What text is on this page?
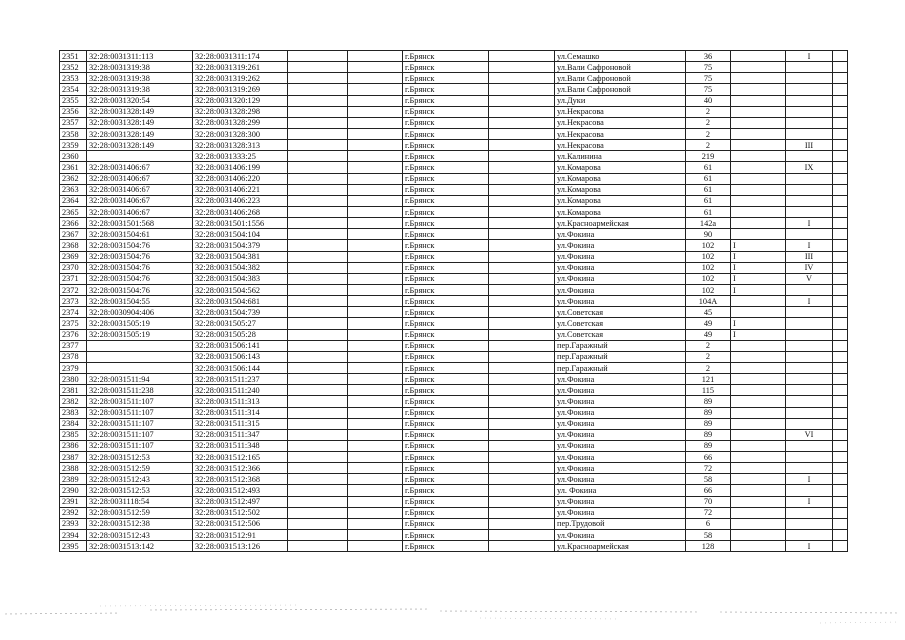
2351	32:28:0031311:113	32:28:0031311:174			г.Брянск		ул.Семашко	36		I	
2352	32:28:0031319:38	32:28:0031319:261			г.Брянск		ул.Вали Сафроновой	75			
2353	32:28:0031319:38	32:28:0031319:262			г.Брянск		ул.Вали Сафроновой	75			
2354	32:28:0031319:38	32:28:0031319:269			г.Брянск		ул.Вали Сафроновой	75			
2355	32:28:0031320:54	32:28:0031320:129			г.Брянск		ул.Дуки	40			
2356	32:28:0031328:149	32:28:0031328:298			г.Брянск		ул.Некрасова	2			
2357	32:28:0031328:149	32:28:0031328:299			г.Брянск		ул.Некрасова	2			
2358	32:28:0031328:149	32:28:0031328:300			г.Брянск		ул.Некрасова	2			
2359	32:28:0031328:149	32:28:0031328:313			г.Брянск		ул.Некрасова	2		III	
2360		32:28:0031333:25			г.Брянск		ул.Калинина	219			
2361	32:28:0031406:67	32:28:0031406:199			г.Брянск		ул.Комарова	61		IX	
2362	32:28:0031406:67	32:28:0031406:220			г.Брянск		ул.Комарова	61			
2363	32:28:0031406:67	32:28:0031406:221			г.Брянск		ул.Комарова	61			
2364	32:28:0031406:67	32:28:0031406:223			г.Брянск		ул.Комарова	61			
2365	32:28:0031406:67	32:28:0031406:268			г.Брянск		ул.Комарова	61			
2366	32:28:0031501:568	32:28:0031501:1556			г.Брянск		ул.Красноармейская	142а		I	
2367	32:28:0031504:61	32:28:0031504:104			г.Брянск		ул.Фокина	90			
2368	32:28:0031504:76	32:28:0031504:379			г.Брянск		ул.Фокина	102	I	I	
2369	32:28:0031504:76	32:28:0031504:381			г.Брянск		ул.Фокина	102	I	III	
2370	32:28:0031504:76	32:28:0031504:382			г.Брянск		ул.Фокина	102	I	IV	
2371	32:28:0031504:76	32:28:0031504:383			г.Брянск		ул.Фокина	102	I	V	
2372	32:28:0031504:76	32:28:0031504:562			г.Брянск		ул.Фокина	102	I		
2373	32:28:0031504:55	32:28:0031504:681			г.Брянск		ул.Фокина	104А		I	
2374	32:28:0030904:406	32:28:0031504:739			г.Брянск		ул.Советская	45			
2375	32:28:0031505:19	32:28:0031505:27			г.Брянск		ул.Советская	49	I		
2376	32:28:0031505:19	32:28:0031505:28			г.Брянск		ул.Советская	49	I		
2377		32:28:0031506:141			г.Брянск		пер.Гаражный	2			
2378		32:28:0031506:143			г.Брянск		пер.Гаражный	2			
2379		32:28:0031506:144			г.Брянск		пер.Гаражный	2			
2380	32:28:0031511:94	32:28:0031511:237			г.Брянск		ул.Фокина	121			
2381	32:28:0031511:238	32:28:0031511:240			г.Брянск		ул.Фокина	115			
2382	32:28:0031511:107	32:28:0031511:313			г.Брянск		ул.Фокина	89			
2383	32:28:0031511:107	32:28:0031511:314			г.Брянск		ул.Фокина	89			
2384	32:28:0031511:107	32:28:0031511:315			г.Брянск		ул.Фокина	89			
2385	32:28:0031511:107	32:28:0031511:347			г.Брянск		ул.Фокина	89		VI	
2386	32:28:0031511:107	32:28:0031511:348			г.Брянск		ул.Фокина	89			
2387	32:28:0031512:53	32:28:0031512:165			г.Брянск		ул.Фокина	66			
2388	32:28:0031512:59	32:28:0031512:366			г.Брянск		ул.Фокина	72			
2389	32:28:0031512:43	32:28:0031512:368			г.Брянск		ул.Фокина	58		I	
2390	32:28:0031512:53	32:28:0031512:493			г.Брянск		ул. Фокина	66			
2391	32:28:0031118:54	32:28:0031512:497			г.Брянск		ул.Фокина	70		I	
2392	32:28:0031512:59	32:28:0031512:502			г.Брянск		ул.Фокина	72			
2393	32:28:0031512:38	32:28:0031512:506			г.Брянск		пер.Трудовой	6			
2394	32:28:0031512:43	32:28:0031512:91			г.Брянск		ул.Фокина	58			
2395	32:28:0031513:142	32:28:0031513:126			г.Брянск		ул.Красноармейская	128		I	
